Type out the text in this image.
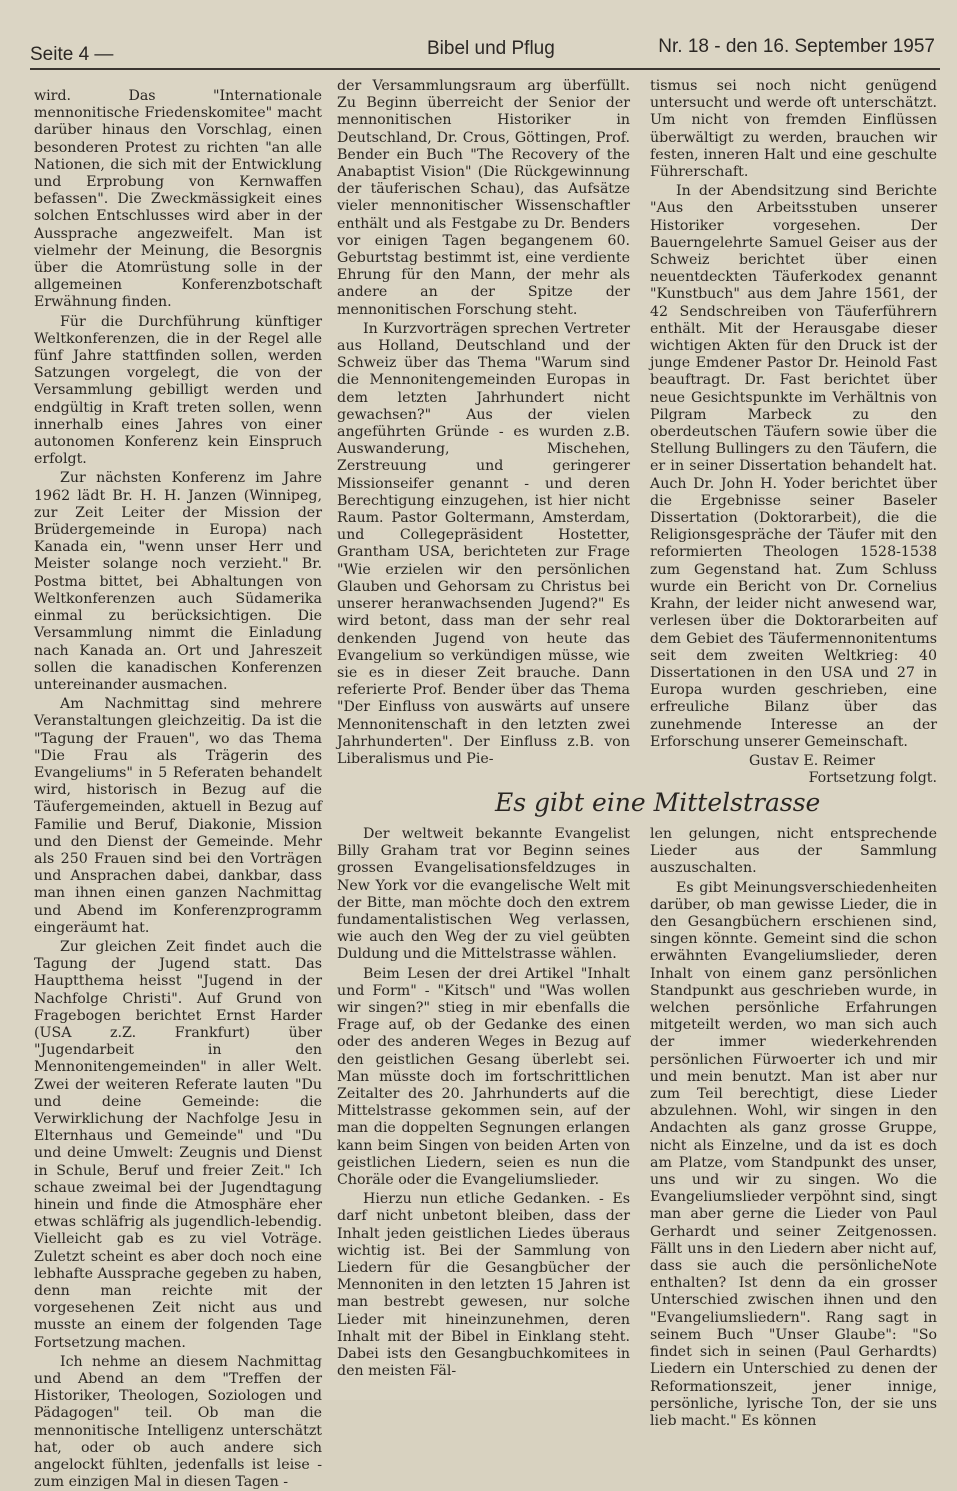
Seite 4 —	Bibel und Pflug	Nr. 18 - den 16. September 1957

wird. Das "Internationale mennonitische Friedenskomitee" macht darüber hinaus den Vorschlag, einen besonderen Protest zu richten "an alle Nationen, die sich mit der Entwicklung und Erprobung von Kernwaffen befassen". Die Zweckmässigkeit eines solchen Entschlusses wird aber in der Aussprache angezweifelt. Man ist vielmehr der Meinung, die Besorgnis über die Atomrüstung solle in der allgemeinen Konferenzbotschaft Erwähnung finden.

Für die Durchführung künftiger Weltkonferenzen, die in der Regel alle fünf Jahre stattfinden sollen, werden Satzungen vorgelegt, die von der Versammlung gebilligt werden und endgültig in Kraft treten sollen, wenn innerhalb eines Jahres von einer autonomen Konferenz kein Einspruch erfolgt.

Zur nächsten Konferenz im Jahre 1962 lädt Br. H. H. Janzen (Winnipeg, zur Zeit Leiter der Mission der Brüdergemeinde in Europa) nach Kanada ein, "wenn unser Herr und Meister solange noch verzieht." Br. Postma bittet, bei Abhaltungen von Weltkonferenzen auch Südamerika einmal zu berücksichtigen. Die Versammlung nimmt die Einladung nach Kanada an. Ort und Jahreszeit sollen die kanadischen Konferenzen untereinander ausmachen.

Am Nachmittag sind mehrere Veranstaltungen gleichzeitig. Da ist die "Tagung der Frauen", wo das Thema "Die Frau als Trägerin des Evangeliums" in 5 Referaten behandelt wird, historisch in Bezug auf die Täufergemeinden, aktuell in Bezug auf Familie und Beruf, Diakonie, Mission und den Dienst der Gemeinde. Mehr als 250 Frauen sind bei den Vorträgen und Ansprachen dabei, dankbar, dass man ihnen einen ganzen Nachmittag und Abend im Konferenzprogramm eingeräumt hat.

Zur gleichen Zeit findet auch die Tagung der Jugend statt. Das Hauptthema heisst "Jugend in der Nachfolge Christi". Auf Grund von Fragebogen berichtet Ernst Harder (USA z.Z. Frankfurt) über "Jugendarbeit in den Mennonitengemeinden" in aller Welt. Zwei der weiteren Referate lauten "Du und deine Gemeinde: die Verwirklichung der Nachfolge Jesu in Elternhaus und Gemeinde" und "Du und deine Umwelt: Zeugnis und Dienst in Schule, Beruf und freier Zeit." Ich schaue zweimal bei der Jugendtagung hinein und finde die Atmosphäre eher etwas schläfrig als jugendlich-lebendig. Vielleicht gab es zu viel Voträge. Zuletzt scheint es aber doch noch eine lebhafte Aussprache gegeben zu haben, denn man reichte mit der vorgesehenen Zeit nicht aus und musste an einem der folgenden Tage Fortsetzung machen.

Ich nehme an diesem Nachmittag und Abend an dem "Treffen der Historiker, Theologen, Soziologen und Pädagogen" teil. Ob man die mennonitische Intelligenz unterschätzt hat, oder ob auch andere sich angelockt fühlten, jedenfalls ist leise - zum einzigen Mal in diesen Tagen -

der Versammlungsraum arg überfüllt. Zu Beginn überreicht der Senior der mennonitischen Historiker in Deutschland, Dr. Crous, Göttingen, Prof. Bender ein Buch "The Recovery of the Anabaptist Vision" (Die Rückgewinnung der täuferischen Schau), das Aufsätze vieler mennonitischer Wissenschaftler enthält und als Festgabe zu Dr. Benders vor einigen Tagen begangenem 60. Geburtstag bestimmt ist, eine verdiente Ehrung für den Mann, der mehr als andere an der Spitze der mennonitischen Forschung steht.

In Kurzvorträgen sprechen Vertreter aus Holland, Deutschland und der Schweiz über das Thema "Warum sind die Mennonitengemeinden Europas in dem letzten Jahrhundert nicht gewachsen?" Aus der vielen angeführten Gründe - es wurden z.B. Auswanderung, Mischehen, Zerstreuung und geringerer Missionseifer genannt - und deren Berechtigung einzugehen, ist hier nicht Raum. Pastor Goltermann, Amsterdam, und Collegepräsident Hostetter, Grantham USA, berichteten zur Frage "Wie erzielen wir den persönlichen Glauben und Gehorsam zu Christus bei unserer heranwachsenden Jugend?" Es wird betont, dass man der sehr real denkenden Jugend von heute das Evangelium so verkündigen müsse, wie sie es in dieser Zeit brauche. Dann referierte Prof. Bender über das Thema "Der Einfluss von auswärts auf unsere Mennonitenschaft in den letzten zwei Jahrhunderten". Der Einfluss z.B. von Liberalismus und Pie-

tismus sei noch nicht genügend untersucht und werde oft unterschätzt. Um nicht von fremden Einflüssen überwältigt zu werden, brauchen wir festen, inneren Halt und eine geschulte Führerschaft.

In der Abendsitzung sind Berichte "Aus den Arbeitsstuben unserer Historiker vorgesehen. Der Bauerngelehrte Samuel Geiser aus der Schweiz berichtet über einen neuentdeckten Täuferkodex genannt "Kunstbuch" aus dem Jahre 1561, der 42 Sendschreiben von Täuferführern enthält. Mit der Herausgabe dieser wichtigen Akten für den Druck ist der junge Emdener Pastor Dr. Heinold Fast beauftragt. Dr. Fast berichtet über neue Gesichtspunkte im Verhältnis von Pilgram Marbeck zu den oberdeutschen Täufern sowie über die Stellung Bullingers zu den Täufern, die er in seiner Dissertation behandelt hat. Auch Dr. John H. Yoder berichtet über die Ergebnisse seiner Baseler Dissertation (Doktorarbeit), die die Religionsgespräche der Täufer mit den reformierten Theologen 1528-1538 zum Gegenstand hat. Zum Schluss wurde ein Bericht von Dr. Cornelius Krahn, der leider nicht anwesend war, verlesen über die Doktorarbeiten auf dem Gebiet des Täufermennonitentums seit dem zweiten Weltkrieg: 40 Dissertationen in den USA und 27 in Europa wurden geschrieben, eine erfreuliche Bilanz über das zunehmende Interesse an der Erforschung unserer Gemeinschaft.

Gustav E. Reimer

Fortsetzung folgt.

Es gibt eine Mittelstrasse

Der weltweit bekannte Evangelist Billy Graham trat vor Beginn seines grossen Evangelisationsfeldzuges in New York vor die evangelische Welt mit der Bitte, man möchte doch den extrem fundamentalistischen Weg verlassen, wie auch den Weg der zu viel geübten Duldung und die Mittelstrasse wählen.

Beim Lesen der drei Artikel "Inhalt und Form" - "Kitsch" und "Was wollen wir singen?" stieg in mir ebenfalls die Frage auf, ob der Gedanke des einen oder des anderen Weges in Bezug auf den geistlichen Gesang überlebt sei. Man müsste doch im fortschrittlichen Zeitalter des 20. Jahrhunderts auf die Mittelstrasse gekommen sein, auf der man die doppelten Segnungen erlangen kann beim Singen von beiden Arten von geistlichen Liedern, seien es nun die Choräle oder die Evangeliumslieder.

Hierzu nun etliche Gedanken. - Es darf nicht unbetont bleiben, dass der Inhalt jeden geistlichen Liedes überaus wichtig ist. Bei der Sammlung von Liedern für die Gesangbücher der Mennoniten in den letzten 15 Jahren ist man bestrebt gewesen, nur solche Lieder mit hineinzunehmen, deren Inhalt mit der Bibel in Einklang steht. Dabei ists den Gesangbuchkomitees in den meisten Fäl-

len gelungen, nicht entsprechende Lieder aus der Sammlung auszuschalten.

Es gibt Meinungsverschiedenheiten darüber, ob man gewisse Lieder, die in den Gesangbüchern erschienen sind, singen könnte. Gemeint sind die schon erwähnten Evangeliumslieder, deren Inhalt von einem ganz persönlichen Standpunkt aus geschrieben wurde, in welchen persönliche Erfahrungen mitgeteilt werden, wo man sich auch der immer wiederkehrenden persönlichen Fürwoerter ich und mir und mein benutzt. Man ist aber nur zum Teil berechtigt, diese Lieder abzulehnen. Wohl, wir singen in den Andachten als ganz grosse Gruppe, nicht als Einzelne, und da ist es doch am Platze, vom Standpunkt des unser, uns und wir zu singen. Wo die Evangeliumslieder verpöhnt sind, singt man aber gerne die Lieder von Paul Gerhardt und seiner Zeitgenossen. Fällt uns in den Liedern aber nicht auf, dass sie auch die persönlicheNote enthalten? Ist denn da ein grosser Unterschied zwischen ihnen und den "Evangeliumsliedern". Rang sagt in seinem Buch "Unser Glaube": "So findet sich in seinen (Paul Gerhardts) Liedern ein Unterschied zu denen der Reformationszeit, jener innige, persönliche, lyrische Ton, der sie uns lieb macht." Es können
